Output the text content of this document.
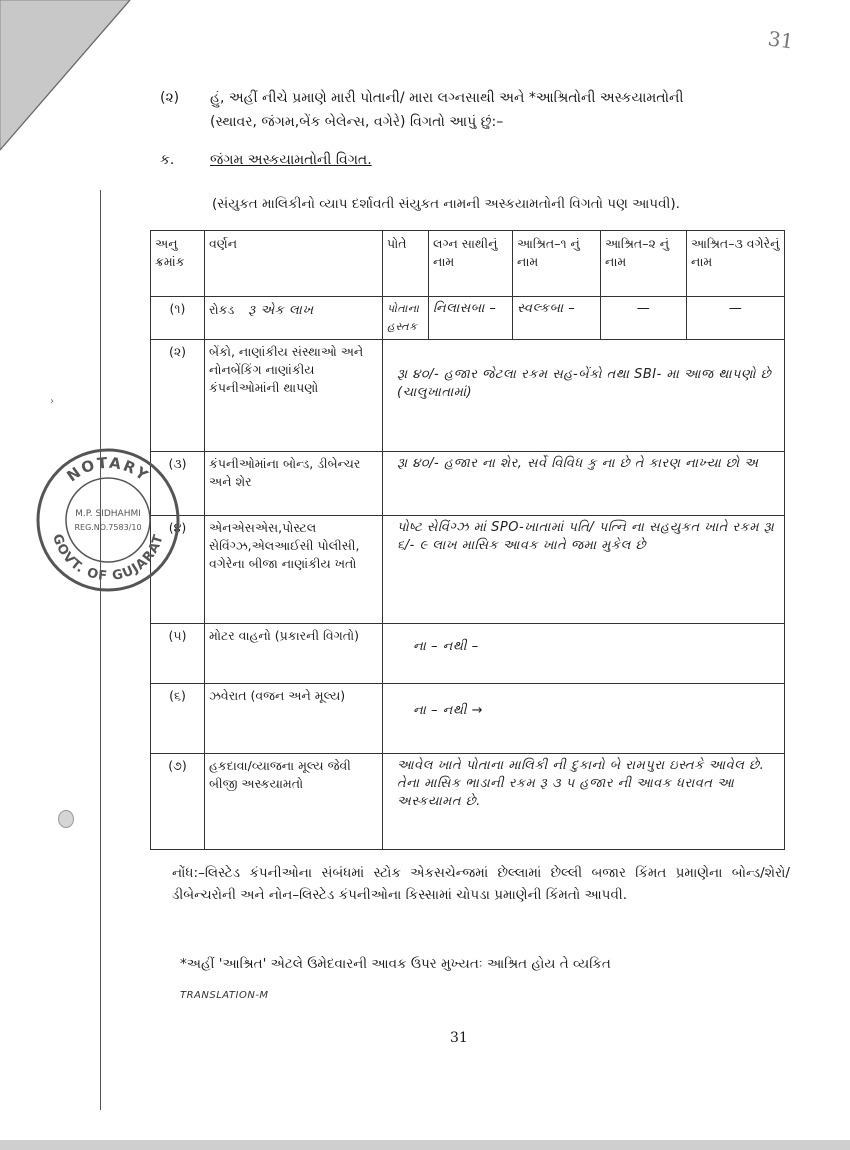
31
(૨) હું, અહીં નીચે પ્રમાણે મારી પોતાની/ મારા લગ્નસાથી અને *આશ્રિતોની અસ્કયામતોની
(સ્થાવર, જંગમ,બેંક બેલેન્સ, વગેરે) વિગતો આપું છું:–
ક.	જંગમ અસ્કયામતોની વિગત.
(સંયુકત માલિકીનો વ્યાપ દર્શાવતી સંયુકત નામની અસ્કયામતોની વિગતો પણ આપવી).
અનુ ક્રમાંક	વર્ણન	પોતે	લગ્ન સાથીનું નામ	આશ્રિત–૧ નું નામ	આશ્રિત–૨ નું નામ	આશ્રિત–૩ વગેરેનું નામ
(૧)	રોકડ રૂ એક લાખ	પોતાના હસ્તક	નિલાસબા –	સ્વલ્કબા –	—	—
(૨)	બેંકો, નાણાંકીય સંસ્થાઓ અને નોનબેંકિંગ નાણાંકીય કંપનીઓમાંની થાપણો	રૂા ૪૦/- હજાર જેટલા રકમ સહ-બેંકો તથા SBI- મા આજ થાપણો છે (ચાલુખાતામાં)				
(૩)	કંપનીઓમાંના બોન્ડ, ડીબેન્ચર અને શેર	રૂા ૪૦/- હજાર ના શેર, સર્વે વિવિધ કુ ના છે તે કારણ નાખ્યા છો અ				
(૪)	એનએસએસ,પોસ્ટલ સેવિંગ્ઝ,એલઆઈસી પોલીસી, વગેરેના બીજા નાણાંકીય ખતો	પોષ્ટ સેવિંગ્ઝ માં SPO-ખાતામાં પતિ/ પત્નિ ના સહયુકત ખાતે રકમ રૂા ૬/- ૯ લાખ માસિક આવક ખાતે જમા મુકેલ છે				
(૫)	મોટર વાહનો (પ્રકારની વિગતો)	ના – નથી –				
(૬)	ઝવેરાત (વજન અને મૂલ્ય)	ના – નથી →				
(૭)	હકદાવા/વ્યાજના મૂલ્ય જેવી બીજી અસ્કયામતો	આવેલ ખાતે પોતાના માલિકી ની દુકાનો બે રામપુરા ઇસ્તકે આવેલ છે. તેના માસિક ભાડાની રકમ રૂ ૩ ૫ હજાર ની આવક ધરાવત આ અસ્કયામત છે.				
NOTARY
GOVT. OF GUJARAT
M.P. SIDHAHMI
REG.NO.7583/10
›
નોંધ:–લિસ્ટેડ કંપનીઓના સંબંધમાં સ્ટોક એકસચેન્જમાં છેલ્લામાં છેલ્લી બજાર કિંમત પ્રમાણેના બોન્ડ/શેરો/ડીબેન્ચરોની અને નોન–લિસ્ટેડ કંપનીઓના કિસ્સામાં ચોપડા પ્રમાણેની કિંમતો આપવી.
*અહીં 'આશ્રિત' એટલે ઉમેદવારની આવક ઉપર મુખ્યતઃ આશ્રિત હોય તે વ્યકિત
TRANSLATION-M
31
